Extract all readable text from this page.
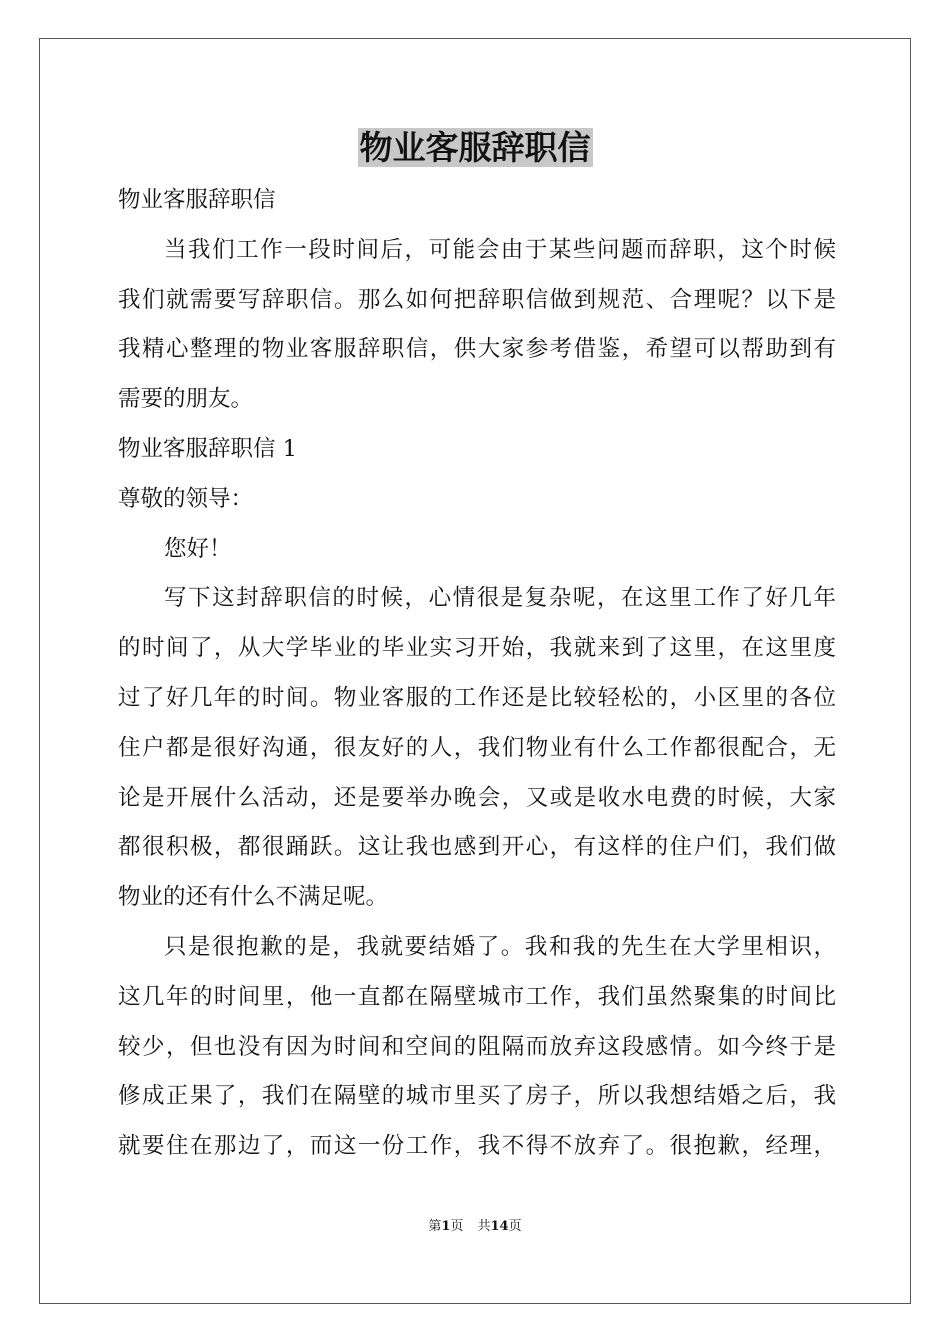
物业客服辞职信
物业客服辞职信
当我们工作一段时间后，可能会由于某些问题而辞职，这个时候
我们就需要写辞职信。那么如何把辞职信做到规范、合理呢？以下是
我精心整理的物业客服辞职信，供大家参考借鉴，希望可以帮助到有
需要的朋友。
物业客服辞职信 1
尊敬的领导：
您好！
写下这封辞职信的时候，心情很是复杂呢，在这里工作了好几年
的时间了，从大学毕业的毕业实习开始，我就来到了这里，在这里度
过了好几年的时间。物业客服的工作还是比较轻松的，小区里的各位
住户都是很好沟通，很友好的人，我们物业有什么工作都很配合，无
论是开展什么活动，还是要举办晚会，又或是收水电费的时候，大家
都很积极，都很踊跃。这让我也感到开心，有这样的住户们，我们做
物业的还有什么不满足呢。
只是很抱歉的是，我就要结婚了。我和我的先生在大学里相识，
这几年的时间里，他一直都在隔壁城市工作，我们虽然聚集的时间比
较少，但也没有因为时间和空间的阻隔而放弃这段感情。如今终于是
修成正果了，我们在隔壁的城市里买了房子，所以我想结婚之后，我
就要住在那边了，而这一份工作，我不得不放弃了。很抱歉，经理，
第1页 共14页
